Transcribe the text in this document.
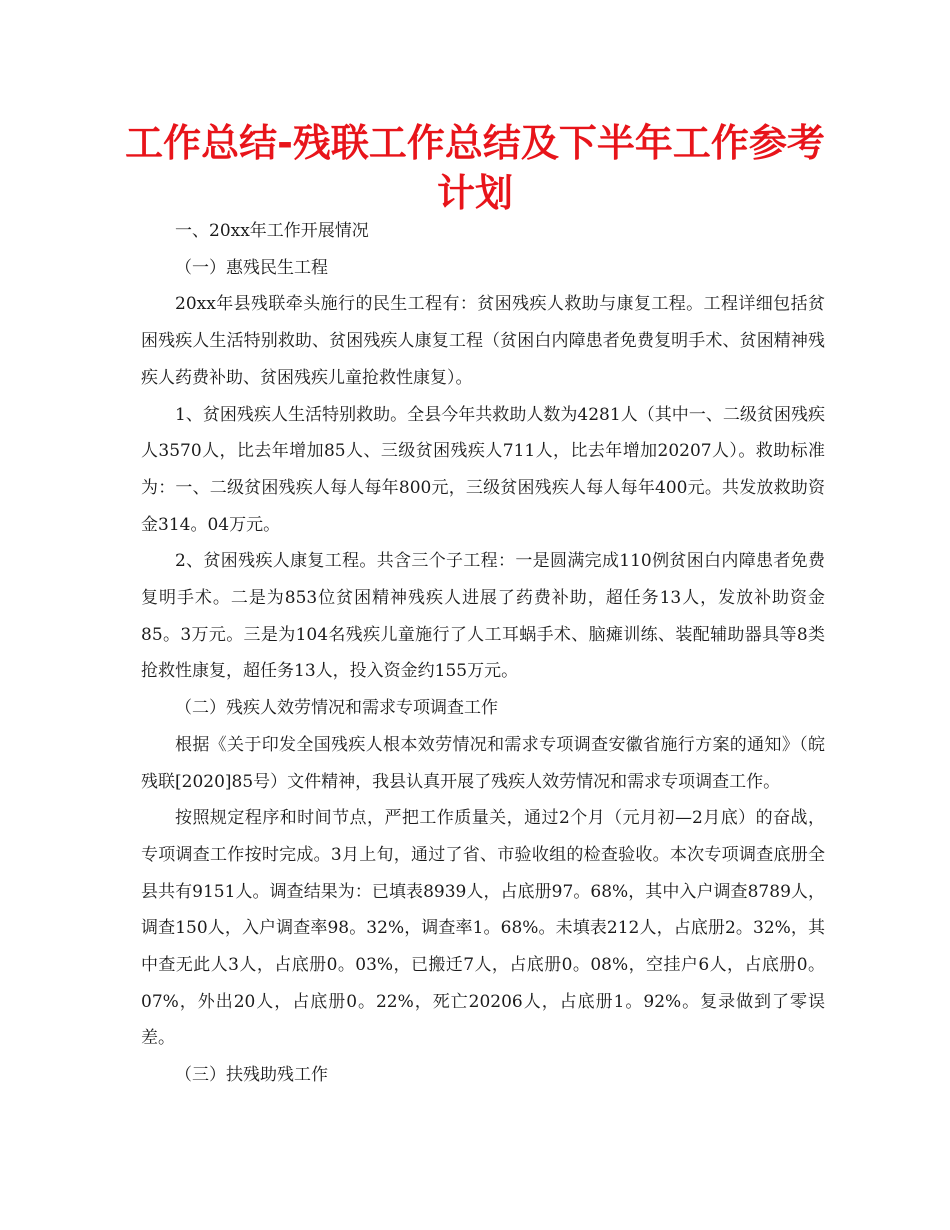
工作总结-残联工作总结及下半年工作参考计划

一、20xx年工作开展情况

（一）惠残民生工程

20xx年县残联牵头施行的民生工程有：贫困残疾人救助与康复工程。工程详细包括贫困残疾人生活特别救助、贫困残疾人康复工程（贫困白内障患者免费复明手术、贫困精神残疾人药费补助、贫困残疾儿童抢救性康复）。

1、贫困残疾人生活特别救助。全县今年共救助人数为4281人（其中一、二级贫困残疾人3570人，比去年增加85人、三级贫困残疾人711人，比去年增加20207人）。救助标准为：一、二级贫困残疾人每人每年800元，三级贫困残疾人每人每年400元。共发放救助资金314。04万元。

2、贫困残疾人康复工程。共含三个子工程：一是圆满完成110例贫困白内障患者免费复明手术。二是为853位贫困精神残疾人进展了药费补助，超任务13人，发放补助资金85。3万元。三是为104名残疾儿童施行了人工耳蜗手术、脑瘫训练、装配辅助器具等8类抢救性康复，超任务13人，投入资金约155万元。

（二）残疾人效劳情况和需求专项调查工作

根据《关于印发全国残疾人根本效劳情况和需求专项调查安徽省施行方案的通知》（皖残联[2020]85号）文件精神，我县认真开展了残疾人效劳情况和需求专项调查工作。

按照规定程序和时间节点，严把工作质量关，通过2个月（元月初—2月底）的奋战，专项调查工作按时完成。3月上旬，通过了省、市验收组的检查验收。本次专项调查底册全县共有9151人。调查结果为：已填表8939人，占底册97。68%，其中入户调查8789人，调查150人，入户调查率98。32%，调查率1。68%。未填表212人，占底册2。32%，其中查无此人3人，占底册0。03%，已搬迁7人，占底册0。08%，空挂户6人，占底册0。07%，外出20人，占底册0。22%，死亡20206人，占底册1。92%。复录做到了零误差。

（三）扶残助残工作
